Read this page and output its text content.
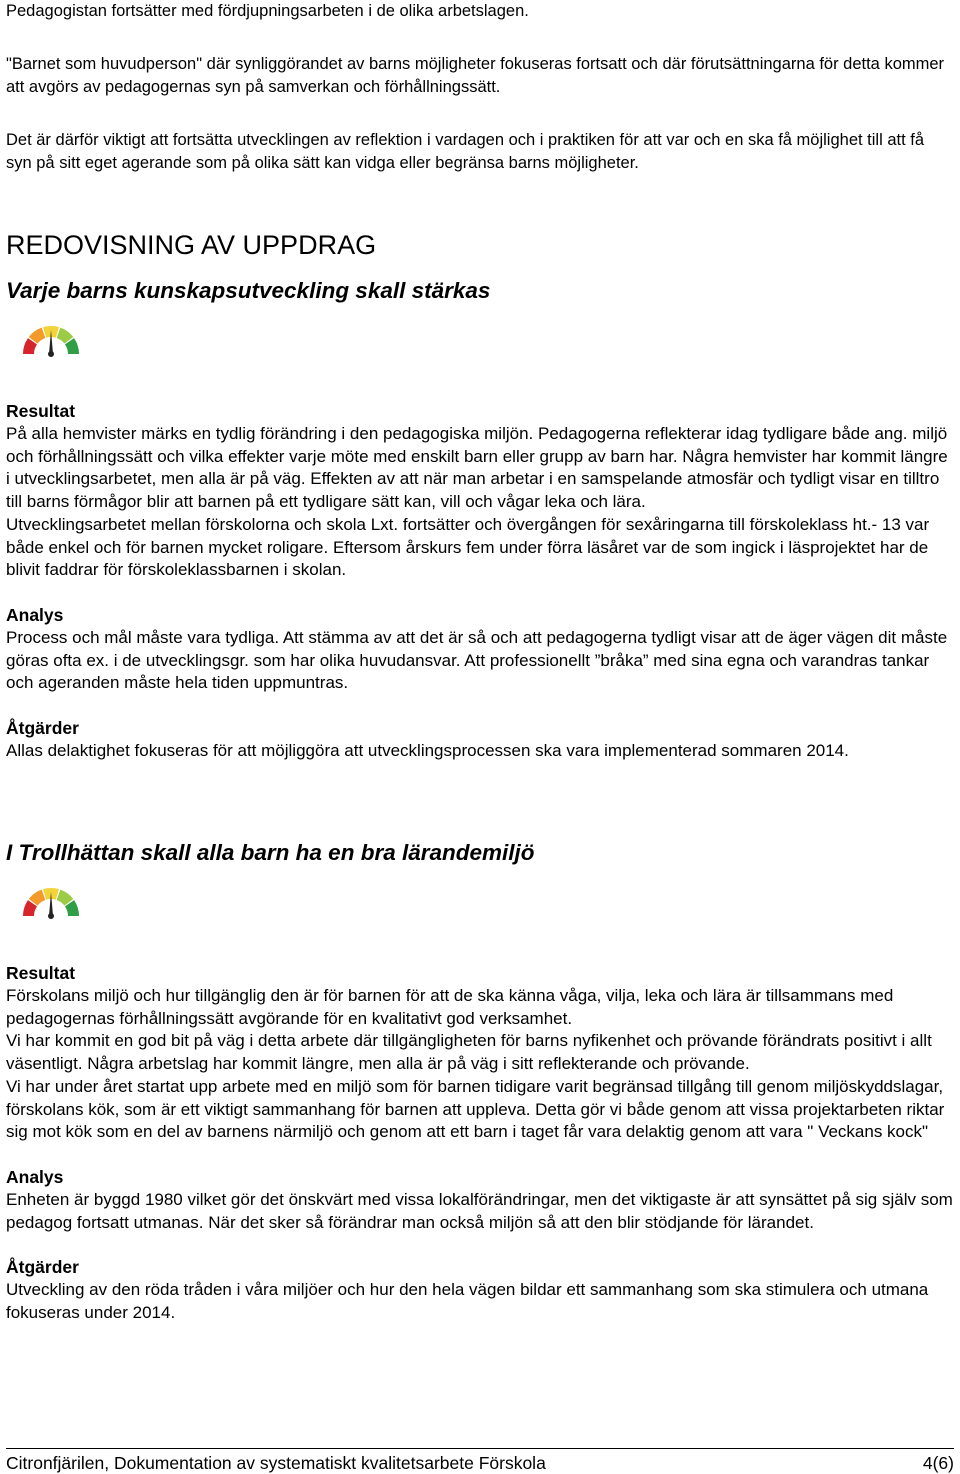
Pedagogistan fortsätter med fördjupningsarbeten i de olika arbetslagen.

"Barnet som huvudperson" där synliggörandet av barns möjligheter fokuseras fortsatt och där förutsättningarna för detta kommer att avgörs av pedagogernas syn på samverkan och förhållningssätt.

Det är därför viktigt att fortsätta utvecklingen av reflektion i vardagen och i praktiken för att var och en ska få möjlighet till att få syn på sitt eget agerande som på olika sätt kan vidga eller begränsa barns möjligheter.

REDOVISNING AV UPPDRAG
Varje barns kunskapsutveckling skall stärkas

Resultat

På alla hemvister märks en tydlig förändring i den pedagogiska miljön. Pedagogerna reflekterar idag tydligare både ang. miljö och förhållningssätt och vilka effekter varje möte med enskilt barn eller grupp av barn har. Några hemvister har kommit längre i utvecklingsarbetet, men alla är på väg. Effekten av att när man arbetar i en samspelande atmosfär och tydligt visar en tilltro till barns förmågor blir att barnen på ett tydligare sätt kan, vill och vågar leka och lära.

Utvecklingsarbetet mellan förskolorna och skola Lxt. fortsätter och övergången för sexåringarna till förskoleklass ht.- 13 var både enkel och för barnen mycket roligare. Eftersom årskurs fem under förra läsåret var de som ingick i läsprojektet har de blivit faddrar för förskoleklassbarnen i skolan.

Analys

Process och mål måste vara tydliga. Att stämma av att det är så och att pedagogerna tydligt visar att de äger vägen dit måste göras ofta ex. i de utvecklingsgr. som har olika huvudansvar. Att professionellt ”bråka” med sina egna och varandras tankar och ageranden måste hela tiden uppmuntras.

Åtgärder

Allas delaktighet fokuseras för att möjliggöra att utvecklingsprocessen ska vara implementerad sommaren 2014.

I Trollhättan skall alla barn ha en bra lärandemiljö

Resultat

Förskolans miljö och hur tillgänglig den är för barnen för att de ska känna våga, vilja, leka och lära är tillsammans med pedagogernas förhållningssätt avgörande för en kvalitativt god verksamhet.

Vi har kommit en god bit på väg i detta arbete där tillgängligheten för barns nyfikenhet och prövande förändrats positivt i allt väsentligt. Några arbetslag har kommit längre, men alla är på väg i sitt reflekterande och prövande.

Vi har under året startat upp arbete med en miljö som för barnen tidigare varit begränsad tillgång till genom miljöskyddslagar, förskolans kök, som är ett viktigt sammanhang för barnen att uppleva. Detta gör vi både genom att vissa projektarbeten riktar sig mot kök som en del av barnens närmiljö och genom att ett barn i taget får vara delaktig genom att vara " Veckans kock"

Analys

Enheten är byggd 1980 vilket gör det önskvärt med vissa lokalförändringar, men det viktigaste är att synsättet på sig själv som pedagog fortsatt utmanas. När det sker så förändrar man också miljön så att den blir stödjande för lärandet.

Åtgärder

Utveckling av den röda tråden i våra miljöer och hur den hela vägen bildar ett sammanhang som ska stimulera och utmana fokuseras under 2014.

Citronfjärilen, Dokumentation av systematiskt kvalitetsarbete Förskola	4(6)
